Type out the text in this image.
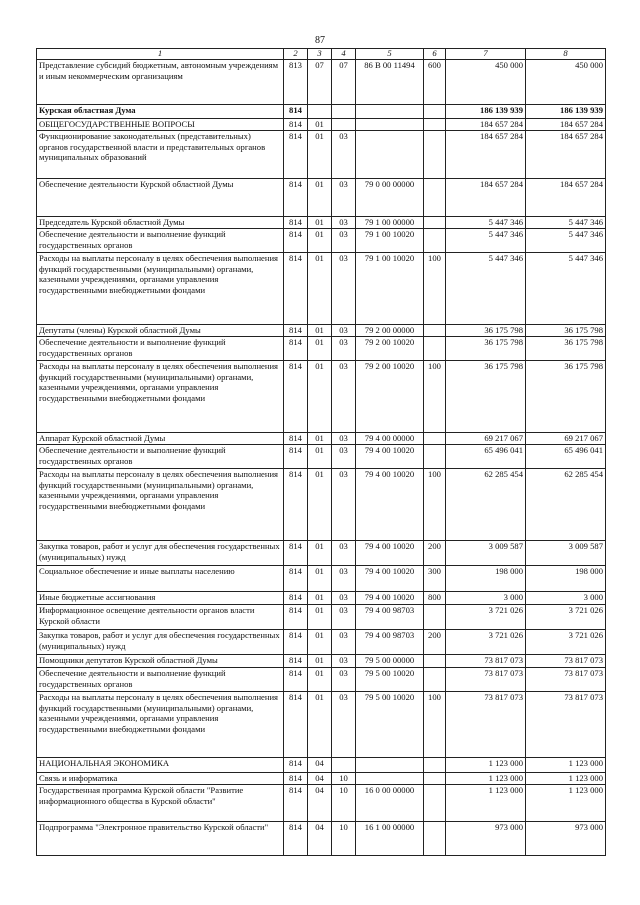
87
1	2	3	4	5	6	7	8
Представление субсидий бюджетным, автономным учреждениям и иным некоммерческим организациям	813	07	07	86 В 00 11494	600	450 000	450 000
Курская областная Дума	814					186 139 939	186 139 939
ОБЩЕГОСУДАРСТВЕННЫЕ ВОПРОСЫ	814	01				184 657 284	184 657 284
Функционирование законодательных (представительных) органов государственной власти и представительных органов муниципальных образований	814	01	03			184 657 284	184 657 284
Обеспечение деятельности Курской областной Думы	814	01	03	79 0 00 00000		184 657 284	184 657 284
Председатель Курской областной Думы	814	01	03	79 1 00 00000		5 447 346	5 447 346
Обеспечение деятельности и выполнение функций государственных органов	814	01	03	79 1 00 10020		5 447 346	5 447 346
Расходы на выплаты персоналу в целях обеспечения выполнения функций государственными (муниципальными) органами, казенными учреждениями, органами управления государственными внебюджетными фондами	814	01	03	79 1 00 10020	100	5 447 346	5 447 346
Депутаты (члены) Курской областной Думы	814	01	03	79 2 00 00000		36 175 798	36 175 798
Обеспечение деятельности и выполнение функций государственных органов	814	01	03	79 2 00 10020		36 175 798	36 175 798
Расходы на выплаты персоналу в целях обеспечения выполнения функций государственными (муниципальными) органами, казенными учреждениями, органами управления государственными внебюджетными фондами	814	01	03	79 2 00 10020	100	36 175 798	36 175 798
Аппарат Курской областной Думы	814	01	03	79 4 00 00000		69 217 067	69 217 067
Обеспечение деятельности и выполнение функций государственных органов	814	01	03	79 4 00 10020		65 496 041	65 496 041
Расходы на выплаты персоналу в целях обеспечения выполнения функций государственными (муниципальными) органами, казенными учреждениями, органами управления государственными внебюджетными фондами	814	01	03	79 4 00 10020	100	62 285 454	62 285 454
Закупка товаров, работ и услуг для обеспечения государственных (муниципальных) нужд	814	01	03	79 4 00 10020	200	3 009 587	3 009 587
Социальное обеспечение и иные выплаты населению	814	01	03	79 4 00 10020	300	198 000	198 000
Иные бюджетные ассигнования	814	01	03	79 4 00 10020	800	3 000	3 000
Информационное освещение деятельности органов власти Курской области	814	01	03	79 4 00 98703		3 721 026	3 721 026
Закупка товаров, работ и услуг для обеспечения государственных (муниципальных) нужд	814	01	03	79 4 00 98703	200	3 721 026	3 721 026
Помощники депутатов Курской областной Думы	814	01	03	79 5 00 00000		73 817 073	73 817 073
Обеспечение деятельности и выполнение функций государственных органов	814	01	03	79 5 00 10020		73 817 073	73 817 073
Расходы на выплаты персоналу в целях обеспечения выполнения функций государственными (муниципальными) органами, казенными учреждениями, органами управления государственными внебюджетными фондами	814	01	03	79 5 00 10020	100	73 817 073	73 817 073
НАЦИОНАЛЬНАЯ ЭКОНОМИКА	814	04				1 123 000	1 123 000
Связь и информатика	814	04	10			1 123 000	1 123 000
Государственная программа Курской области "Развитие информационного общества в Курской области"	814	04	10	16 0 00 00000		1 123 000	1 123 000
Подпрограмма "Электронное правительство Курской области"	814	04	10	16 1 00 00000		973 000	973 000
